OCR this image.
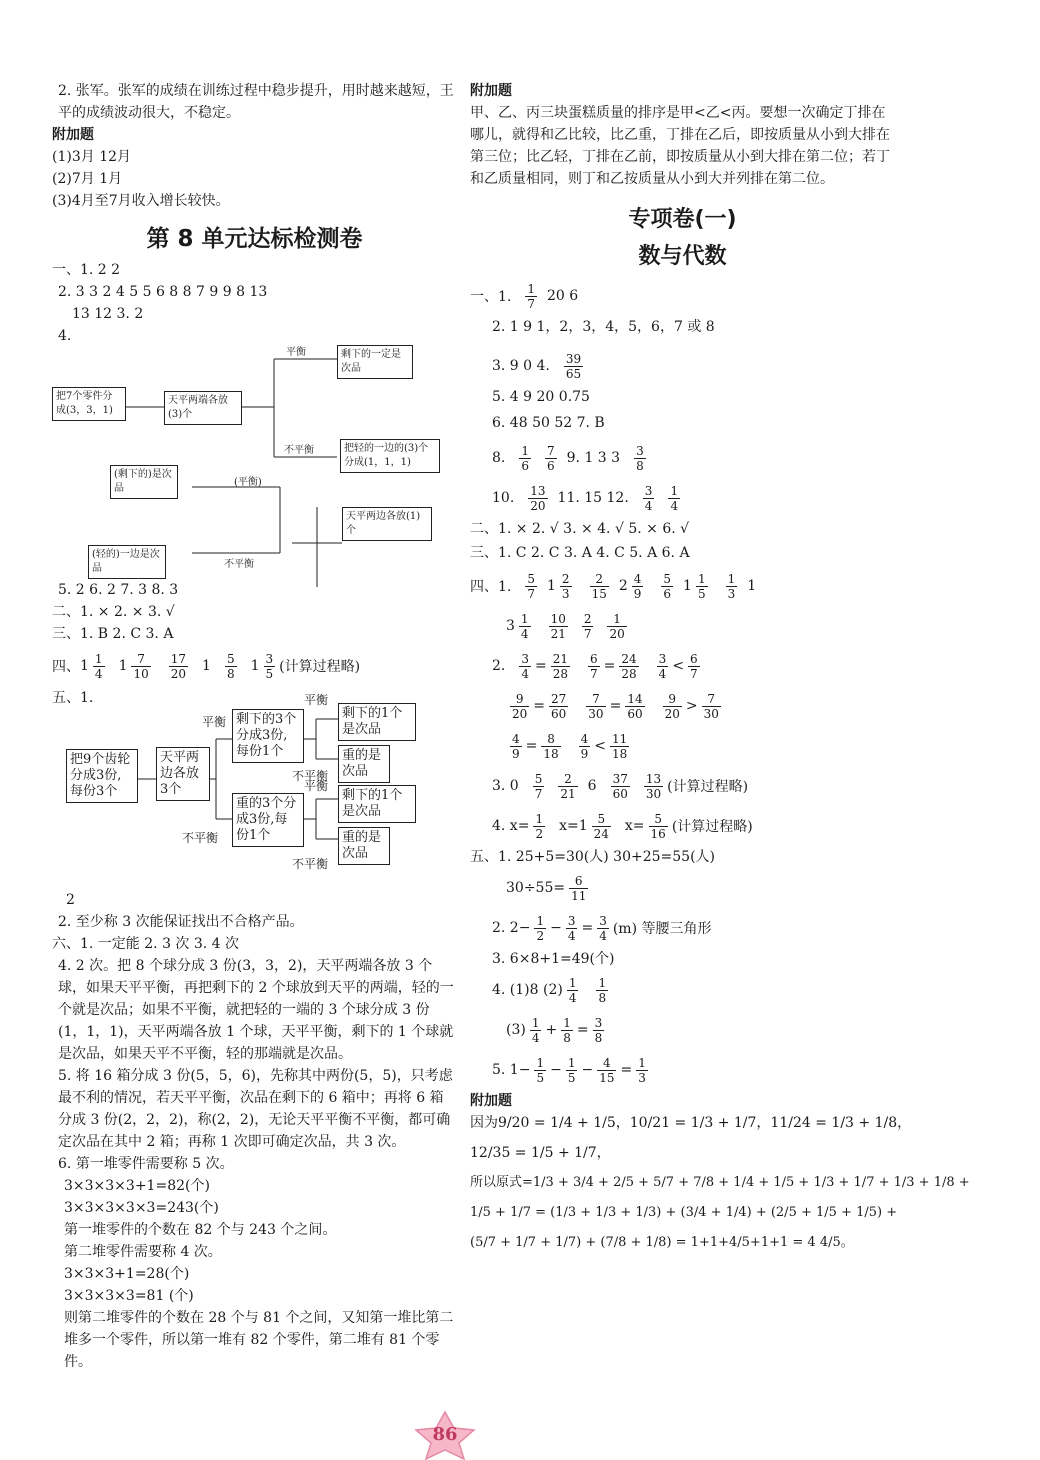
2. 张军。张军的成绩在训练过程中稳步提升，用时越来越短，王平的成绩波动很大，不稳定。
附加题
(1)3月 12月
(2)7月 1月
(3)4月至7月收入增长较快。
第 8 单元达标检测卷
一、1. 2 2
2. 3 3 2 4 5 5 6 8 8 7 9 9 8 13
13 12 3. 2
4.
把7个零件分成(3，3，1)
天平两端各放(3)个
平衡	剩下的一定是次品
不平衡	把轻的一边的(3)个分成(1，1，1)
(剩下的)是次品
(平衡)
天平两边各放(1)个
(轻的)一边是次品	不平衡
5. 2 6. 2 7. 3 8. 3
二、1. × 2. × 3. √
三、1. B 2. C 3. A
四、 $1 \frac{1}{4} 1 \frac{7}{10} \frac{17}{20} 1 \frac{5}{8} 1 \frac{3}{5}$ (计算过程略)
五、1.
把9个齿轮分成3份,每份3个
天平两边各放3个
平衡
不平衡
剩下的3个分成3份,每份1个
重的3个分成3份,每份1个
剩下的1个是次品
重的是次品
剩下的1个是次品
重的是次品
平衡
不平衡
平衡
不平衡
2
2. 至少称 3 次能保证找出不合格产品。
六、1. 一定能 2. 3 次 3. 4 次
4. 2 次。把 8 个球分成 3 份(3，3，2)，天平两端各放 3 个球，如果天平平衡，再把剩下的 2 个球放到天平的两端，轻的一个就是次品；如果不平衡，就把轻的一端的 3 个球分成 3 份(1，1，1)，天平两端各放 1 个球，天平平衡，剩下的 1 个球就是次品，如果天平不平衡，轻的那端就是次品。
5. 将 16 箱分成 3 份(5，5，6)，先称其中两份(5，5)，只考虑最不利的情况，若天平平衡，次品在剩下的 6 箱中；再将 6 箱分成 3 份(2，2，2)，称(2，2)，无论天平平衡不平衡，都可确定次品在其中 2 箱；再称 1 次即可确定次品，共 3 次。
6. 第一堆零件需要称 5 次。
3×3×3×3+1=82(个)
3×3×3×3×3=243(个)
第一堆零件的个数在 82 个与 243 个之间。
第二堆零件需要称 4 次。
3×3×3+1=28(个)
3×3×3×3=81 (个)
则第二堆零件的个数在 28 个与 81 个之间，又知第一堆比第二堆多一个零件，所以第一堆有 82 个零件，第二堆有 81 个零件。
附加题
甲、乙、丙三块蛋糕质量的排序是甲<乙<丙。要想一次确定丁排在哪儿，就得和乙比较，比乙重，丁排在乙后，即按质量从小到大排在第三位；比乙轻，丁排在乙前，即按质量从小到大排在第二位；若丁和乙质量相同，则丁和乙按质量从小到大并列排在第二位。
专项卷(一)
数与代数
一、1. $\frac{1}{7} 20$ 6
2. 1 9 1，2，3，4，5，6，7 或 8
3. 9 0 4. $\frac{39}{65}$
5. 4 9 20 0.75
6. 48 50 52 7. B
8. $\frac{1}{6} \frac{7}{6} 9$. 1 3 $3 \frac{3}{8}$
10. $\frac{13}{20} 11$. 15 12. $\frac{3}{4} \frac{1}{4}$
二、1. × 2. √ 3. × 4. √ 5. × 6. √
三、1. C 2. C 3. A 4. C 5. A 6. A
四、1. $\frac{5}{7} 1 \frac{2}{3} \frac{2}{15} 2 \frac{4}{9} \frac{5}{6} 1 \frac{1}{5} \frac{1}{3} 1$
$3 \frac{1}{4} \frac{10}{21} \frac{2}{7} \frac{1}{20}$
2. $\frac{3}{4} = \frac{21}{28} \frac{6}{7} = \frac{24}{28} \frac{3}{4} < \frac{6}{7}$
$\frac{9}{20} = \frac{27}{60} \frac{7}{30} = \frac{14}{60} \frac{9}{20} > \frac{7}{30}$
$\frac{4}{9} = \frac{8}{18} \frac{4}{9} < \frac{11}{18}$
3. $0 \frac{5}{7} \frac{2}{21} 6 \frac{37}{60} \frac{13}{30}$ (计算过程略)
4. $x= \frac{1}{2} x=1 \frac{5}{24} x= \frac{5}{16}$ (计算过程略)
五、1. 25+5=30(人) 30+25=55(人)
$30\div 55= \frac{6}{11}$
2. $2- \frac{1}{2} - \frac{3}{4} = \frac{3}{4} (m)$ 等腰三角形
3. 6×8+1=49(个)
4. (1)8 $(2) \frac{1}{4} \frac{1}{8}$
$(3) \frac{1}{4} + \frac{1}{8} = \frac{3}{8}$
5. $1- \frac{1}{5} - \frac{1}{5} - \frac{4}{15} = \frac{1}{3}$
附加题
因为9/20 = 1/4 + 1/5，10/21 = 1/3 + 1/7，11/24 = 1/3 + 1/8，
12/35 = 1/5 + 1/7，
所以原式=1/3 + 3/4 + 2/5 + 5/7 + 7/8 + 1/4 + 1/5 + 1/3 + 1/7 + 1/3 + 1/8 +
1/5 + 1/7 = (1/3 + 1/3 + 1/3) + (3/4 + 1/4) + (2/5 + 1/5 + 1/5) +
(5/7 + 1/7 + 1/7) + (7/8 + 1/8) = 1+1+4/5+1+1 = 4 4/5。
86
